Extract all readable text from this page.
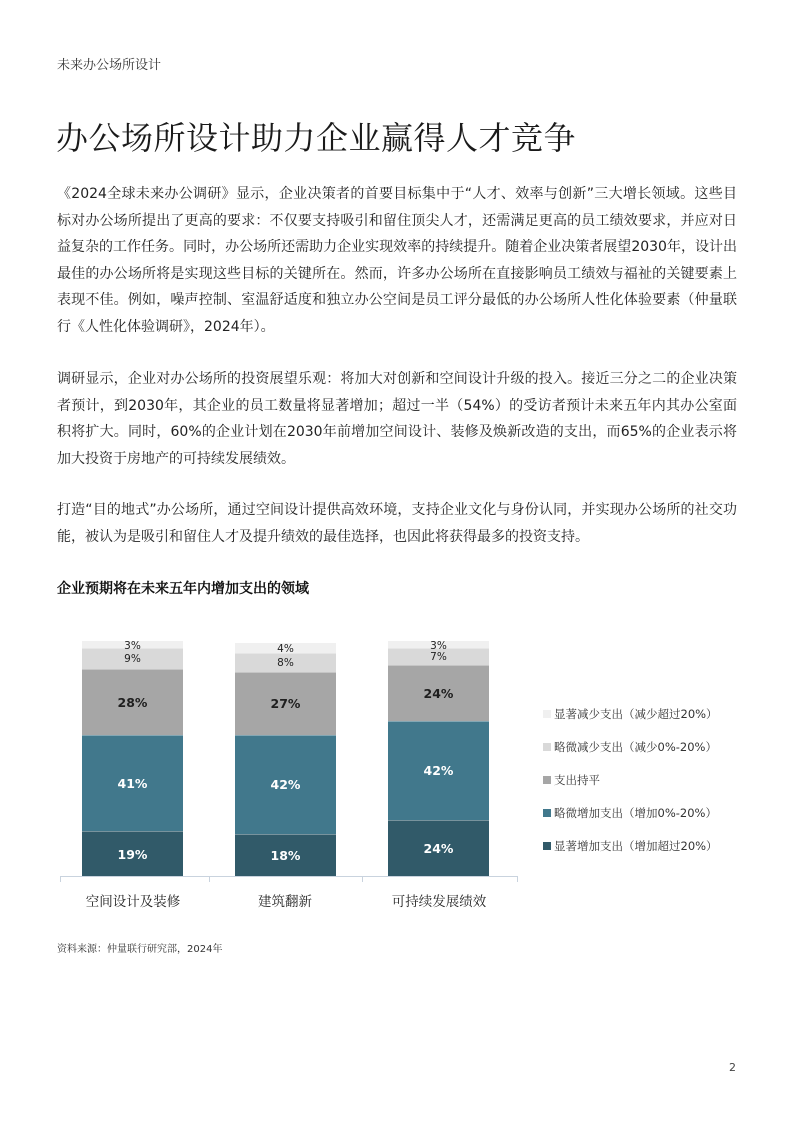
未来办公场所设计
办公场所设计助力企业赢得人才竞争

《2024全球未来办公调研》显示，企业决策者的首要目标集中于“人才、效率与创新”三大增长领域。这些目标对办公场所提出了更高的要求：不仅要支持吸引和留住顶尖人才，还需满足更高的员工绩效要求，并应对日益复杂的工作任务。同时，办公场所还需助力企业实现效率的持续提升。随着企业决策者展望2030年，设计出最佳的办公场所将是实现这些目标的关键所在。然而，许多办公场所在直接影响员工绩效与福祉的关键要素上表现不佳。例如，噪声控制、室温舒适度和独立办公空间是员工评分最低的办公场所人性化体验要素（仲量联行《人性化体验调研》，2024年）。

调研显示，企业对办公场所的投资展望乐观：将加大对创新和空间设计升级的投入。接近三分之二的企业决策者预计，到2030年，其企业的员工数量将显著增加；超过一半（54%）的受访者预计未来五年内其办公室面积将扩大。同时，60%的企业计划在2030年前增加空间设计、装修及焕新改造的支出，而65%的企业表示将加大投资于房地产的可持续发展绩效。

打造“目的地式”办公场所，通过空间设计提供高效环境，支持企业文化与身份认同，并实现办公场所的社交功能，被认为是吸引和留住人才及提升绩效的最佳选择，也因此将获得最多的投资支持。

企业预期将在未来五年内增加支出的领域
空间设计及装修	建筑翻新	可持续发展绩效
19%
41%
28%
9%
3%
18%
42%
27%
8%
4%
24%
42%
24%
7%
3%
显著减少支出（减少超过20%）
略微减少支出（减少0%-20%）
支出持平
略微增加支出（增加0%-20%）
显著增加支出（增加超过20%）
资料来源：仲量联行研究部，2024年
2
